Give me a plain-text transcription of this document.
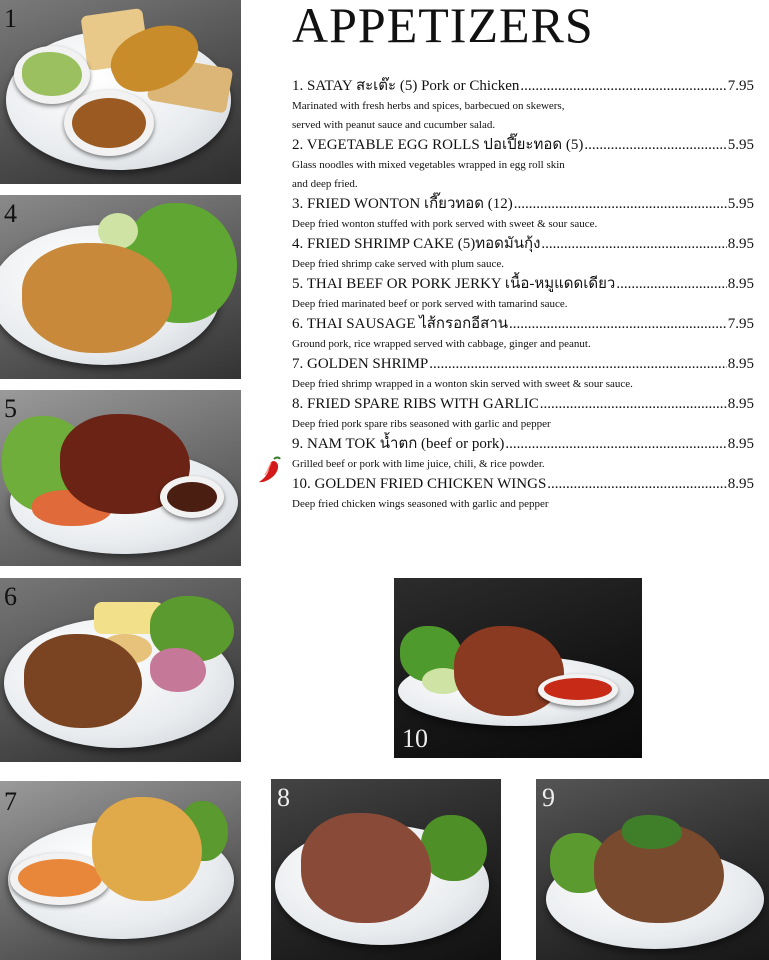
APPETIZERS
1
4
5
6
7	8	9
10
1. SATAY สะเต๊ะ (5) Pork or Chicken .....	7.95
Marinated with fresh herbs and spices, barbecued on skewers,
served with peanut sauce and cucumber salad.
2. VEGETABLE EGG ROLLS ปอเปี๊ยะทอด (5) .....	5.95
Glass noodles with mixed vegetables wrapped in egg roll skin
and deep fried.
3. FRIED WONTON เกี๊ยวทอด (12) .....	5.95
Deep fried wonton stuffed with pork served with sweet & sour sauce.
4. FRIED SHRIMP CAKE (5)ทอดมันกุ้ง .....	8.95
Deep fried shrimp cake served with plum sauce.
5. THAI BEEF OR PORK JERKY เนื้อ-หมูแดดเดียว .....	8.95
Deep fried marinated beef or pork served with tamarind sauce.
6. THAI SAUSAGE ไส้กรอกอีสาน .....	7.95
Ground pork, rice wrapped served with cabbage, ginger and peanut.
7. GOLDEN SHRIMP .....	8.95
Deep fried shrimp wrapped in a wonton skin served with sweet & sour sauce.
8. FRIED SPARE RIBS WITH GARLIC .....	8.95
Deep fried pork spare ribs seasoned with garlic and pepper
9. NAM TOK น้ำตก (beef or pork) .....	8.95
Grilled beef or pork with lime juice, chili, & rice powder.
10. GOLDEN FRIED CHICKEN WINGS .....	8.95
Deep fried chicken wings seasoned with garlic and pepper
